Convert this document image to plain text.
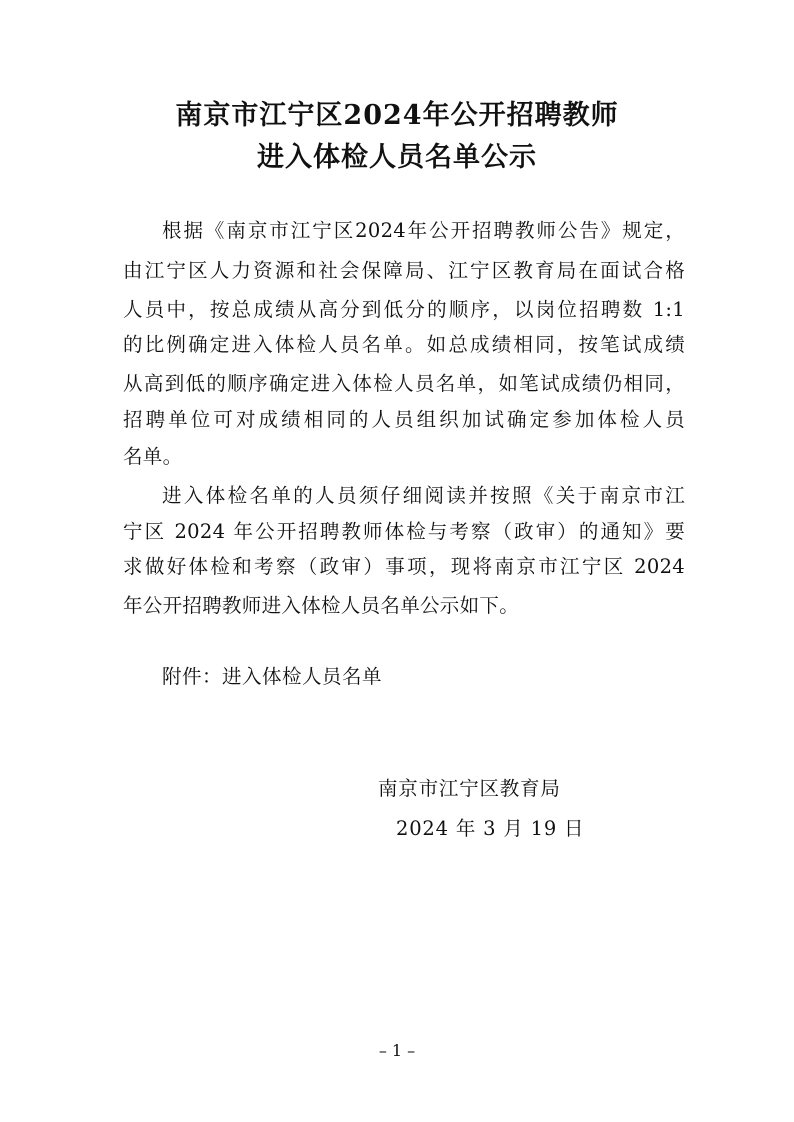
南京市江宁区2024年公开招聘教师
进入体检人员名单公示
根据《南京市江宁区2024年公开招聘教师公告》规定，
由江宁区人力资源和社会保障局、江宁区教育局在面试合格
人员中，按总成绩从高分到低分的顺序，以岗位招聘数 1:1
的比例确定进入体检人员名单。如总成绩相同，按笔试成绩
从高到低的顺序确定进入体检人员名单，如笔试成绩仍相同，
招聘单位可对成绩相同的人员组织加试确定参加体检人员
名单。
进入体检名单的人员须仔细阅读并按照《关于南京市江
宁区 2024 年公开招聘教师体检与考察（政审）的通知》要
求做好体检和考察（政审）事项，现将南京市江宁区 2024
年公开招聘教师进入体检人员名单公示如下。
附件：进入体检人员名单
南京市江宁区教育局
2024 年 3 月 19 日
– 1 –
